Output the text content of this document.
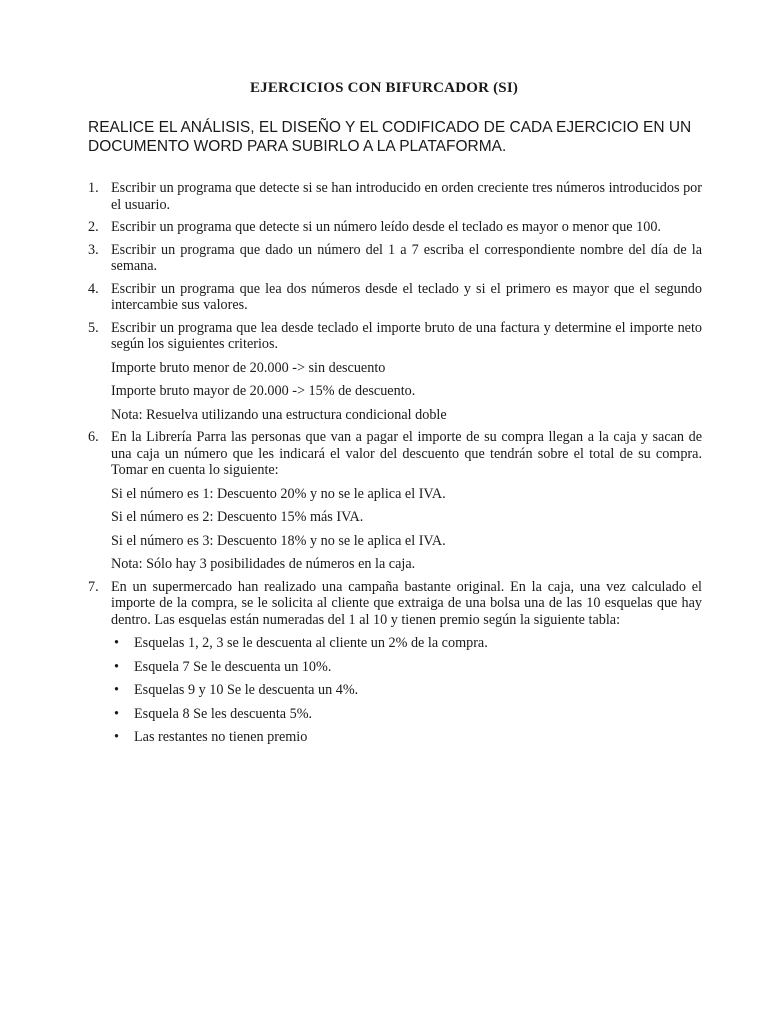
EJERCICIOS CON BIFURCADOR (SI)
REALICE EL ANÁLISIS, EL DISEÑO Y EL CODIFICADO DE CADA EJERCICIO EN UN DOCUMENTO WORD PARA SUBIRLO A LA PLATAFORMA.
1. Escribir un programa que detecte si se han introducido en orden creciente tres números introducidos por el usuario.
2. Escribir un programa que detecte si un número leído desde el teclado es mayor o menor que 100.
3. Escribir un programa que dado un número del 1 a 7 escriba el correspondiente nombre del día de la semana.
4. Escribir un programa que lea dos números desde el teclado y si el primero es mayor que el segundo intercambie sus valores.
5. Escribir un programa que lea desde teclado el importe bruto de una factura y determine el importe neto según los siguientes criterios.
Importe bruto menor de 20.000 -> sin descuento
Importe bruto mayor de 20.000 -> 15% de descuento.
Nota: Resuelva utilizando una estructura condicional doble
6. En la Librería Parra las personas que van a pagar el importe de su compra llegan a la caja y sacan de una caja un número que les indicará el valor del descuento que tendrán sobre el total de su compra. Tomar en cuenta lo siguiente:
Si el número es 1: Descuento 20% y no se le aplica el IVA.
Si el número es 2: Descuento 15% más IVA.
Si el número es 3: Descuento 18% y no se le aplica el IVA.
Nota: Sólo hay 3 posibilidades de números en la caja.
7. En un supermercado han realizado una campaña bastante original. En la caja, una vez calculado el importe de la compra, se le solicita al cliente que extraiga de una bolsa una de las 10 esquelas que hay dentro. Las esquelas están numeradas del 1 al 10 y tienen premio según la siguiente tabla:
• Esquelas 1, 2, 3 se le descuenta al cliente un 2% de la compra.
• Esquela 7 Se le descuenta un 10%.
• Esquelas 9 y 10 Se le descuenta un 4%.
• Esquela 8 Se les descuenta 5%.
• Las restantes no tienen premio
